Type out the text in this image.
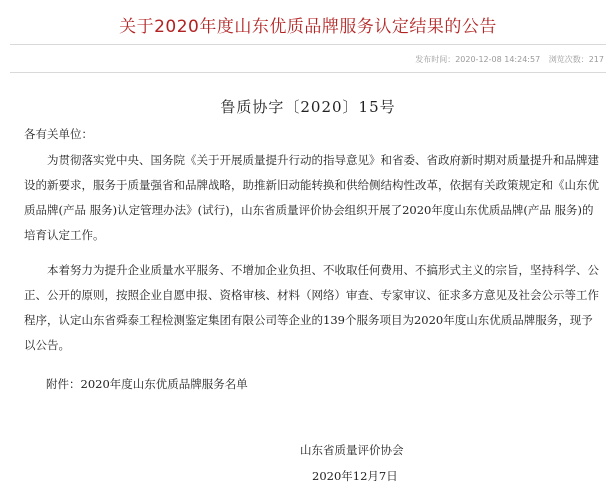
关于2020年度山东优质品牌服务认定结果的公告
发布时间：2020-12-08 14:24:57 浏览次数：217
鲁质协字〔2020〕15号
各有关单位：
为贯彻落实党中央、国务院《关于开展质量提升行动的指导意见》和省委、省政府新时期对质量提升和品牌建设的新要求，服务于质量强省和品牌战略，助推新旧动能转换和供给侧结构性改革，依据有关政策规定和《山东优质品牌(产品 服务)认定管理办法》(试行)，山东省质量评价协会组织开展了2020年度山东优质品牌(产品 服务)的培育认定工作。
本着努力为提升企业质量水平服务、不增加企业负担、不收取任何费用、不搞形式主义的宗旨，坚持科学、公正、公开的原则，按照企业自愿申报、资格审核、材料（网络）审查、专家审议、征求多方意见及社会公示等工作程序，认定山东省舜泰工程检测鉴定集团有限公司等企业的139个服务项目为2020年度山东优质品牌服务，现予以公告。
附件：2020年度山东优质品牌服务名单
山东省质量评价协会
2020年12月7日
